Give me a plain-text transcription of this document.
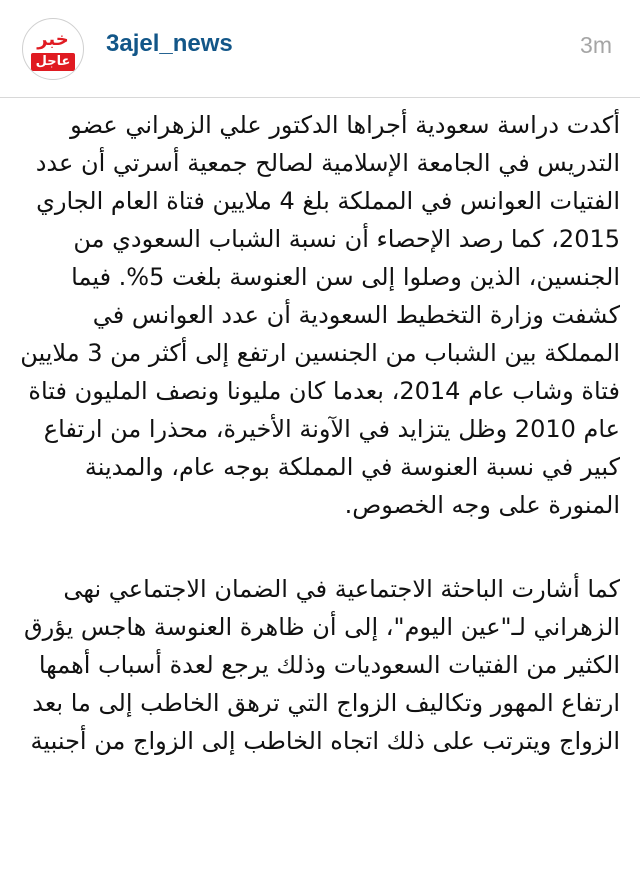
خبر
عاجل
3ajel_news	3m

أكدت دراسة سعودية أجراها الدكتور علي الزهراني عضو التدريس في الجامعة الإسلامية لصالح جمعية أسرتي أن عدد الفتيات العوانس في المملكة بلغ 4 ملايين فتاة العام الجاري 2015، كما رصد الإحصاء أن نسبة الشباب السعودي من الجنسين، الذين وصلوا إلى سن العنوسة بلغت 5%. فيما كشفت وزارة التخطيط السعودية أن عدد العوانس في المملكة بين الشباب من الجنسين ارتفع إلى أكثر من 3 ملايين فتاة وشاب عام 2014، بعدما كان مليونا ونصف المليون فتاة عام 2010 وظل يتزايد في الآونة الأخيرة، محذرا من ارتفاع كبير في نسبة العنوسة في المملكة بوجه عام، والمدينة المنورة على وجه الخصوص.

كما أشارت الباحثة الاجتماعية في الضمان الاجتماعي نهى الزهراني لـ"عين اليوم"، إلى أن ظاهرة العنوسة هاجس يؤرق الكثير من الفتيات السعوديات وذلك يرجع لعدة أسباب أهمها ارتفاع المهور وتكاليف الزواج التي ترهق الخاطب إلى ما بعد الزواج ويترتب على ذلك اتجاه الخاطب إلى الزواج من أجنبية
